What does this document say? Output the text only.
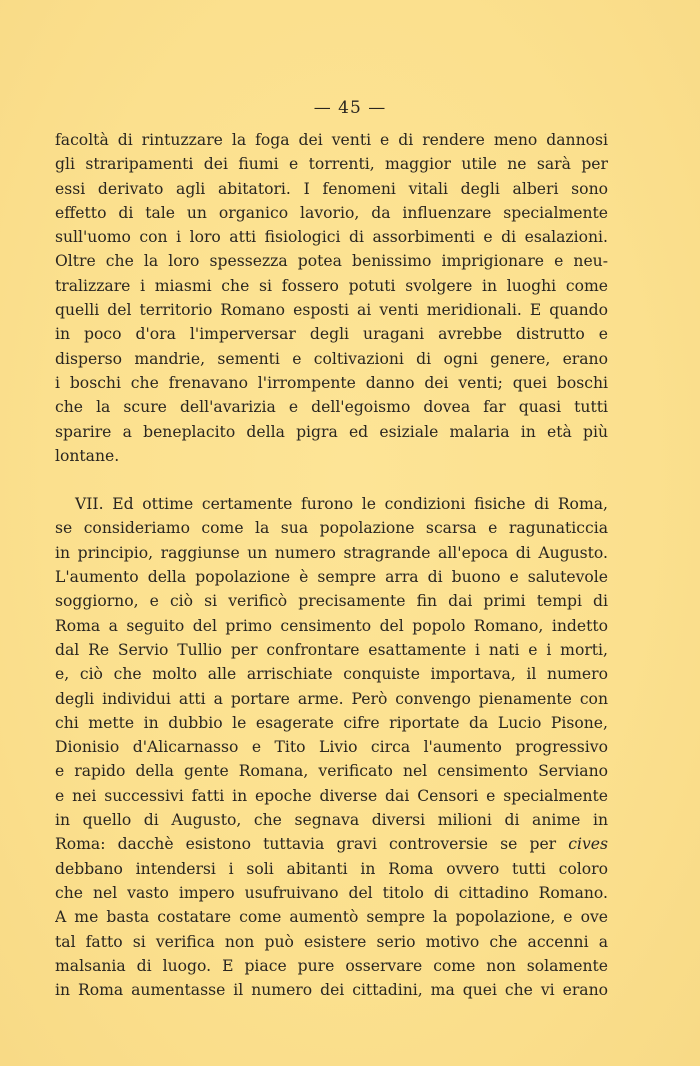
— 45 —
facoltà di rintuzzare la foga dei venti e di rendere meno dannosi
gli straripamenti dei fiumi e torrenti, maggior utile ne sarà per
essi derivato agli abitatori. I fenomeni vitali degli alberi sono
effetto di tale un organico lavorio, da influenzare specialmente
sull'uomo con i loro atti fisiologici di assorbimenti e di esalazioni.
Oltre che la loro spessezza potea benissimo imprigionare e neu-
tralizzare i miasmi che si fossero potuti svolgere in luoghi come
quelli del territorio Romano esposti ai venti meridionali. E quando
in poco d'ora l'imperversar degli uragani avrebbe distrutto e
disperso mandrie, sementi e coltivazioni di ogni genere, erano
i boschi che frenavano l'irrompente danno dei venti; quei boschi
che la scure dell'avarizia e dell'egoismo dovea far quasi tutti
sparire a beneplacito della pigra ed esiziale malaria in età più
lontane.
VII. Ed ottime certamente furono le condizioni fisiche di Roma,
se consideriamo come la sua popolazione scarsa e ragunaticcia
in principio, raggiunse un numero stragrande all'epoca di Augusto.
L'aumento della popolazione è sempre arra di buono e salutevole
soggiorno, e ciò si verificò precisamente fin dai primi tempi di
Roma a seguito del primo censimento del popolo Romano, indetto
dal Re Servio Tullio per confrontare esattamente i nati e i morti,
e, ciò che molto alle arrischiate conquiste importava, il numero
degli individui atti a portare arme. Però convengo pienamente con
chi mette in dubbio le esagerate cifre riportate da Lucio Pisone,
Dionisio d'Alicarnasso e Tito Livio circa l'aumento progressivo
e rapido della gente Romana, verificato nel censimento Serviano
e nei successivi fatti in epoche diverse dai Censori e specialmente
in quello di Augusto, che segnava diversi milioni di anime in
Roma: dacchè esistono tuttavia gravi controversie se per cives
debbano intendersi i soli abitanti in Roma ovvero tutti coloro
che nel vasto impero usufruivano del titolo di cittadino Romano.
A me basta costatare come aumentò sempre la popolazione, e ove
tal fatto si verifica non può esistere serio motivo che accenni a
malsania di luogo. E piace pure osservare come non solamente
in Roma aumentasse il numero dei cittadini, ma quei che vi erano
